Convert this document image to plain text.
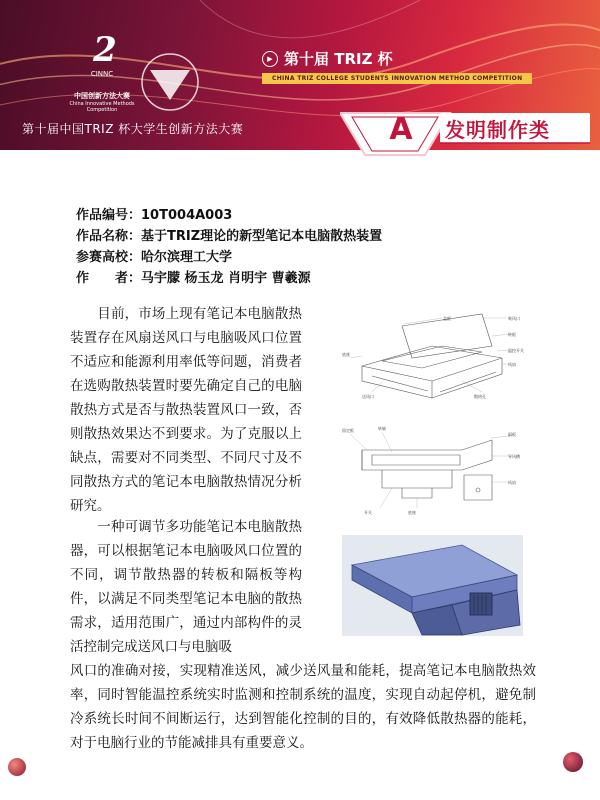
2
CINNC
中国创新方法大赛
China Innovative Methods Competition
▶ 第十届 TRIZ 杯
CHINA TRIZ COLLEGE STUDENTS INNOVATION METHOD COMPETITION
第十届中国TRIZ 杯大学生创新方法大赛	A	发明制作类
作品编号：10T004A003
作品名称：基于TRIZ理论的新型笔记本电脑散热装置
参赛高校：哈尔滨理工大学
作　　者：马宇朦 杨玉龙 肖明宇 曹羲源
　　目前，市场上现有笔记本电脑散热装置存在风扇送风口与电脑吸风口位置不适应和能源利用率低等问题，消费者在选购散热装置时要先确定自己的电脑散热方式是否与散热装置风口一致，否则散热效果达不到要求。为了克服以上缺点，需要对不同类型、不同尺寸及不同散热方式的笔记本电脑散热情况分析研究。
　　一种可调节多功能笔记本电脑散热器，可以根据笔记本电脑吸风口位置的不同，调节散热器的转板和隔板等构件，以满足不同类型笔记本电脑的散热需求，适用范围广，通过内部构件的灵活控制完成送风口与电脑吸
风口的准确对接，实现精准送风，减少送风量和能耗，提高笔记本电脑散热效率，同时智能温控系统实时监测和控制系统的温度，实现自动起停机，避免制冷系统长时间不间断运行，达到智能化控制的目的，有效降低散热器的能耗，对于电脑行业的节能减排具有重要意义。
盖板	吸风口
转板
温控开关
风扇
散热孔
送风口
底座
固定板	转轴
隔板
导风槽
风扇
底座
开关
